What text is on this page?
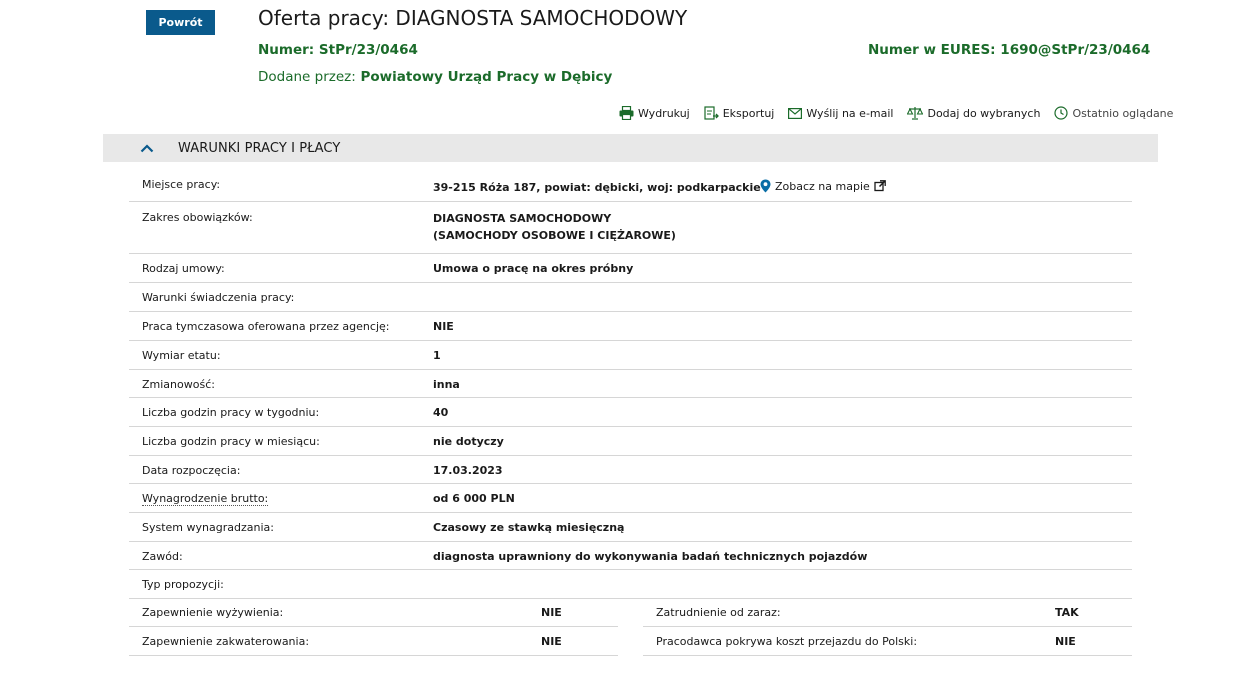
Powrót	Oferta pracy: DIAGNOSTA SAMOCHODOWY
Numer: StPr/23/0464	Numer w EURES: 1690@StPr/23/0464
Dodane przez: Powiatowy Urząd Pracy w Dębicy
Wydrukuj	Eksportuj	Wyślij na e-mail	Dodaj do wybranych	Ostatnio oglądane
WARUNKI PRACY I PŁACY
Miejsce pracy:	39-215 Róża 187, powiat: dębicki, woj: podkarpackie Zobacz na mapie
Zakres obowiązków:	DIAGNOSTA SAMOCHODOWY
(SAMOCHODY OSOBOWE I CIĘŻAROWE)
Rodzaj umowy:	Umowa o pracę na okres próbny
Warunki świadczenia pracy:
Praca tymczasowa oferowana przez agencję:	NIE
Wymiar etatu:	1
Zmianowość:	inna
Liczba godzin pracy w tygodniu:	40
Liczba godzin pracy w miesiącu:	nie dotyczy
Data rozpoczęcia:	17.03.2023
Wynagrodzenie brutto:	od 6 000 PLN
System wynagradzania:	Czasowy ze stawką miesięczną
Zawód:	diagnosta uprawniony do wykonywania badań technicznych pojazdów
Typ propozycji:
Zapewnienie wyżywienia:	NIE	Zatrudnienie od zaraz:	TAK
Zapewnienie zakwaterowania:	NIE	Pracodawca pokrywa koszt przejazdu do Polski:	NIE
